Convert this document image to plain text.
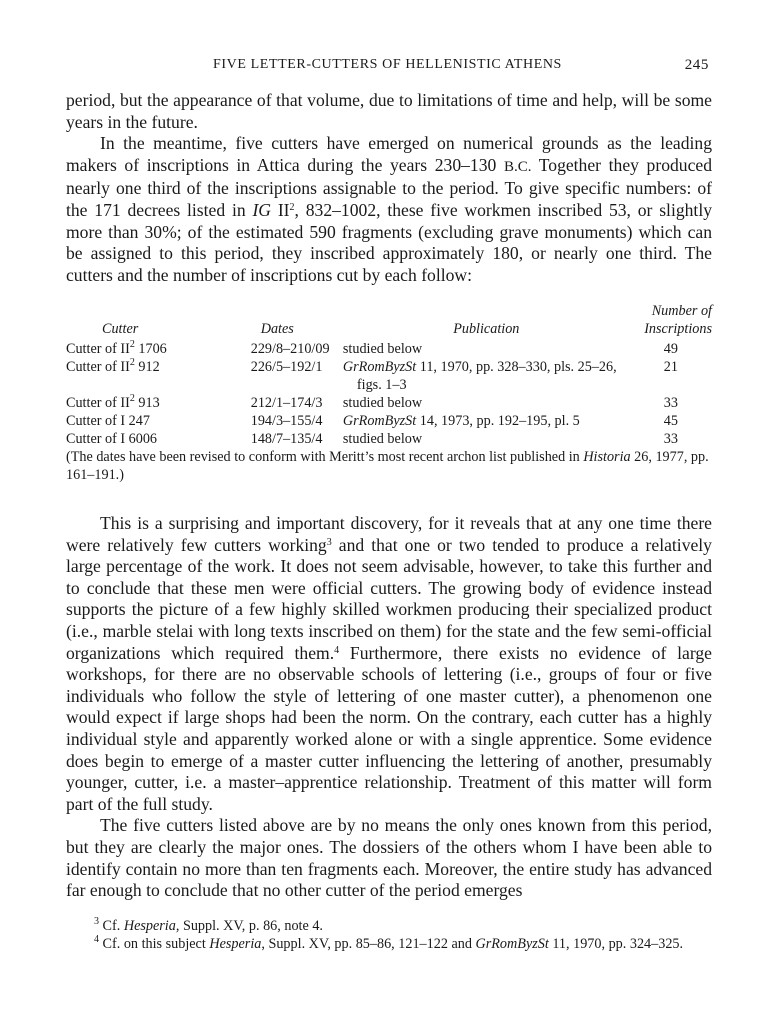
FIVE LETTER-CUTTERS OF HELLENISTIC ATHENS	245

period, but the appearance of that volume, due to limitations of time and help, will be some years in the future.

In the meantime, five cutters have emerged on numerical grounds as the leading makers of inscriptions in Attica during the years 230–130 B.C. Together they produced nearly one third of the inscriptions assignable to the period. To give specific numbers: of the 171 decrees listed in IG $II^2$, 832–1002, these five workmen inscribed 53, or slightly more than 30%; of the estimated 590 fragments (excluding grave monuments) which can be assigned to this period, they inscribed approximately 180, or nearly one third. The cutters and the number of inscriptions cut by each follow:

Cutter	Dates	Publication	Number of
Inscriptions
Cutter of $II^2$ 1706	229/8–210/09	studied below	49
Cutter of $II^2$ 912	226/5–192/1	GrRomByzSt 11, 1970, pp. 328–330, pls. 25–26,
figs. 1–3	21
Cutter of $II^2$ 913	212/1–174/3	studied below	33
Cutter of I 247	194/3–155/4	GrRomByzSt 14, 1973, pp. 192–195, pl. 5	45
Cutter of I 6006	148/7–135/4	studied below	33
(The dates have been revised to conform with Meritt’s most recent archon list published in Historia 26, 1977, pp. 161–191.)

This is a surprising and important discovery, for it reveals that at any one time there were relatively few cutters working$^3$ and that one or two tended to produce a relatively large percentage of the work. It does not seem advisable, however, to take this further and to conclude that these men were official cutters. The growing body of evidence instead supports the picture of a few highly skilled workmen producing their specialized product (i.e., marble stelai with long texts inscribed on them) for the state and the few semi-official organizations which required them.$^4$ Furthermore, there exists no evidence of large workshops, for there are no observable schools of lettering (i.e., groups of four or five individuals who follow the style of lettering of one master cutter), a phenomenon one would expect if large shops had been the norm. On the contrary, each cutter has a highly individual style and apparently worked alone or with a single apprentice. Some evidence does begin to emerge of a master cutter influencing the lettering of another, presumably younger, cutter, i.e. a master–apprentice relationship. Treatment of this matter will form part of the full study.

The five cutters listed above are by no means the only ones known from this period, but they are clearly the major ones. The dossiers of the others whom I have been able to identify contain no more than ten fragments each. Moreover, the entire study has advanced far enough to conclude that no other cutter of the period emerges

$^3$ Cf. Hesperia, Suppl. XV, p. 86, note 4.

$^4$ Cf. on this subject Hesperia, Suppl. XV, pp. 85–86, 121–122 and GrRomByzSt 11, 1970, pp. 324–325.
